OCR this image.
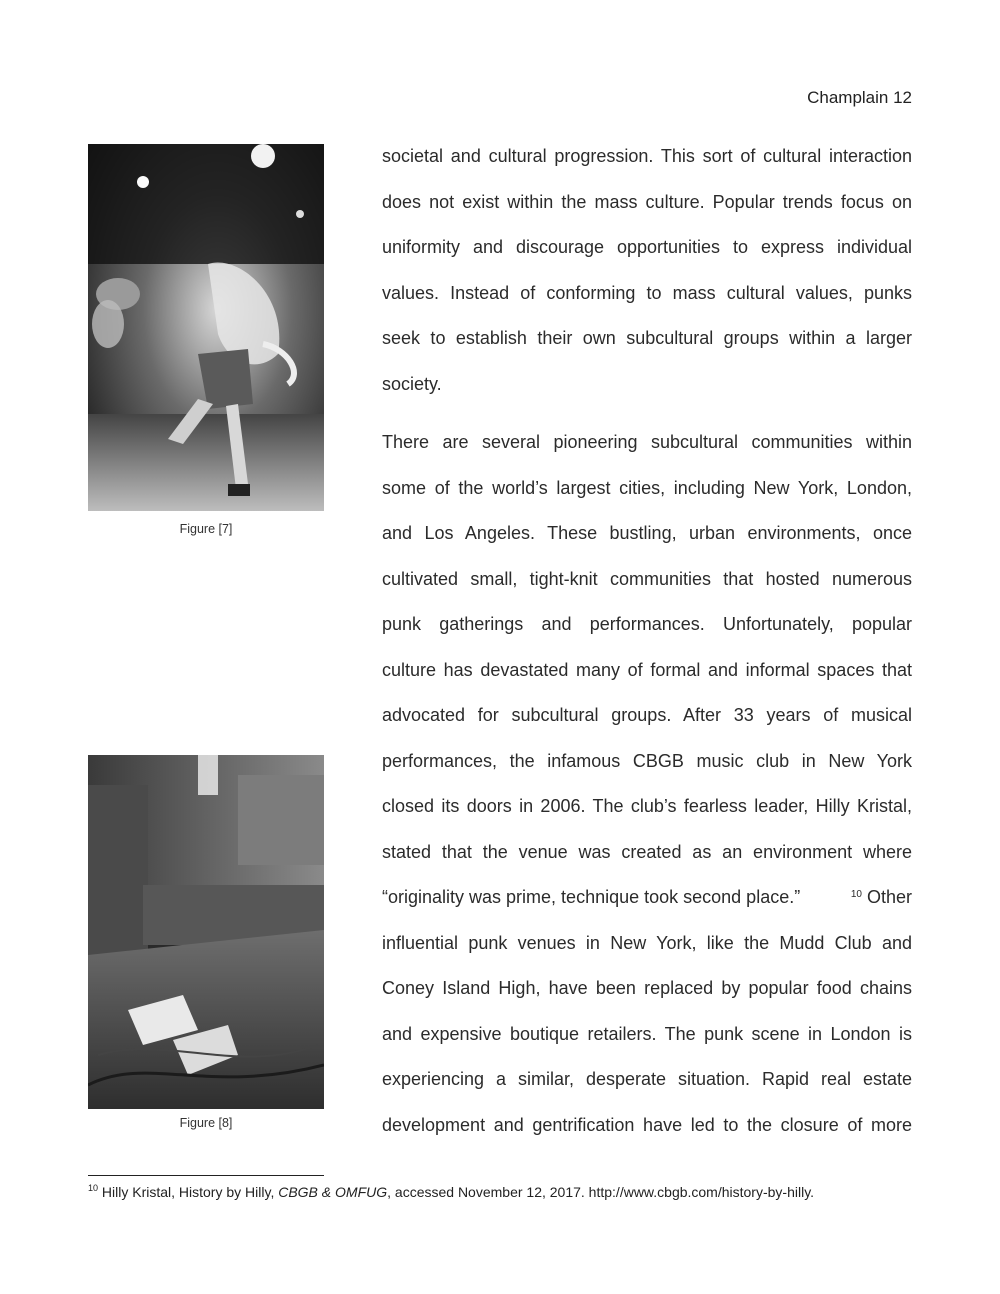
Champlain 12
Figure [7]
Figure [8]
societal and cultural progression. This sort of cultural interaction
does not exist within the mass culture. Popular trends focus on
uniformity and discourage opportunities to express individual
values. Instead of conforming to mass cultural values, punks
seek to establish their own subcultural groups within a larger
society.
There are several pioneering subcultural communities within
some of the world’s largest cities, including New York, London,
and Los Angeles. These bustling, urban environments, once
cultivated small, tight-knit communities that hosted numerous
punk gatherings and performances. Unfortunately, popular
culture has devastated many of formal and informal spaces that
advocated for subcultural groups. After 33 years of musical
performances, the infamous CBGB music club in New York
closed its doors in 2006. The club’s fearless leader, Hilly Kristal,
stated that the venue was created as an environment where
“originality was prime, technique took second place.”	$^{10}$ Other
influential punk venues in New York, like the Mudd Club and
Coney Island High, have been replaced by popular food chains
and expensive boutique retailers. The punk scene in London is
experiencing a similar, desperate situation. Rapid real estate
development and gentrification have led to the closure of more
$^{10}$ Hilly Kristal, History by Hilly, CBGB & OMFUG, accessed November 12, 2017. http://www.cbgb.com/history-by-hilly.
